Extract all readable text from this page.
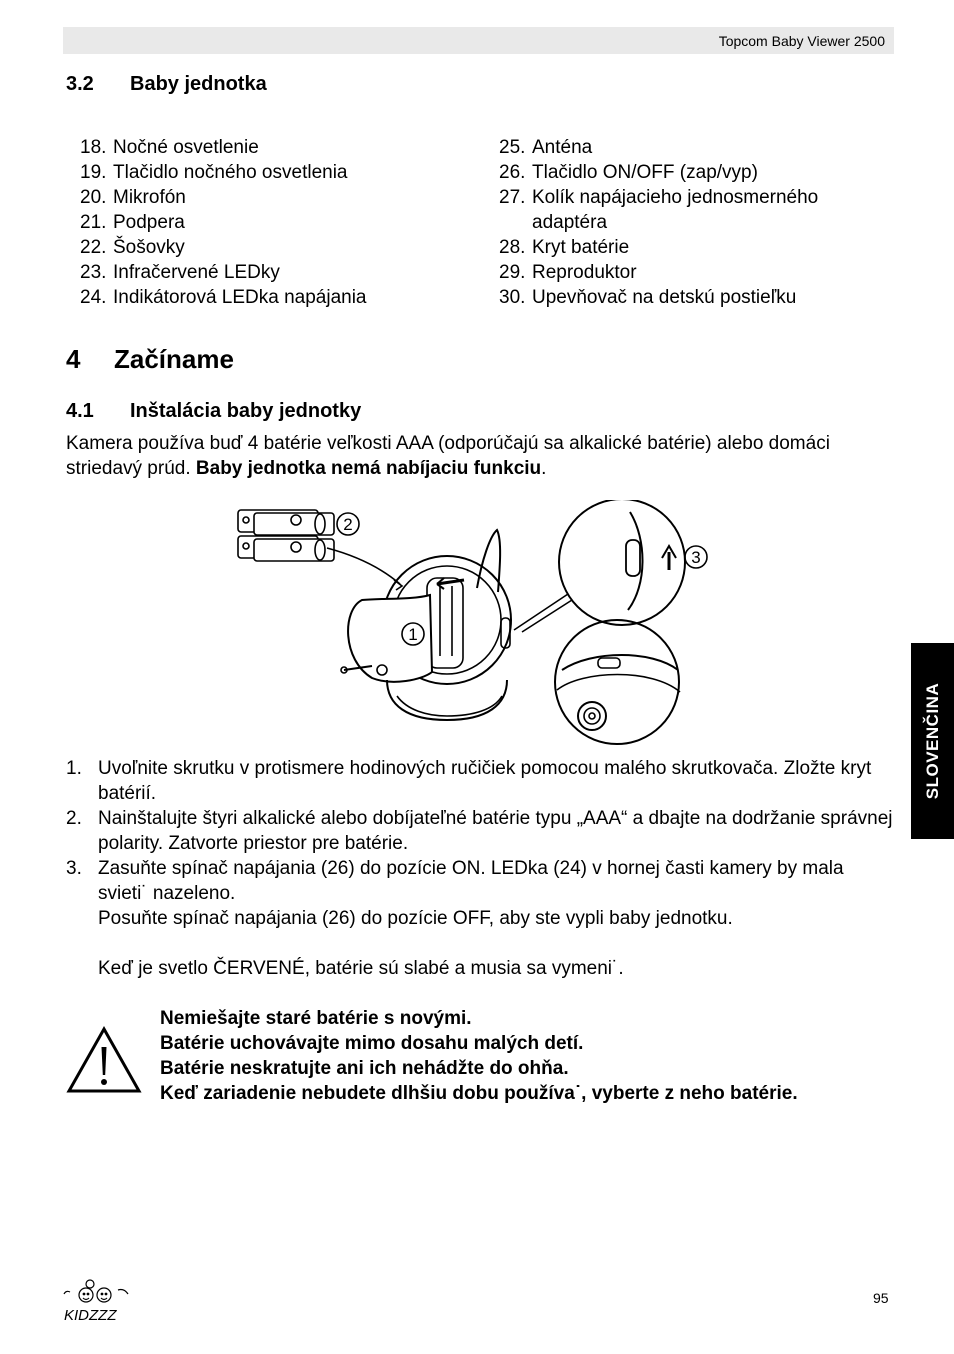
Topcom Baby Viewer 2500
3.2 Baby jednotka
18. Nočné osvetlenie
19. Tlačidlo nočného osvetlenia
20. Mikrofón
21. Podpera
22. Šošovky
23. Infračervené LEDky
24. Indikátorová LEDka napájania
25. Anténa
26. Tlačidlo ON/OFF (zap/vyp)
27. Kolík napájacieho jednosmerného adaptéra
28. Kryt batérie
29. Reproduktor
30. Upevňovač na detskú postieľku
4 Začíname
4.1 Inštalácia baby jednotky

Kamera používa buď 4 batérie veľkosti AAA (odporúčajú sa alkalické batérie) alebo domáci striedavý prúd. Baby jednotka nemá nabíjaciu funkciu.

1
2
3
1. Uvoľnite skrutku v protismere hodinových ručičiek pomocou malého skrutkovača. Zložte kryt batérií.

2. Nainštalujte štyri alkalické alebo dobíjateľné batérie typu „AAA“ a dbajte na dodržanie správnej polarity. Zatvorte priestor pre batérie.

3. Zasuňte spínač napájania (26) do pozície ON. LEDka (24) v hornej časti kamery by mala svieti˙ nazeleno.

Posuňte spínač napájania (26) do pozície OFF, aby ste vypli baby jednotku.

Keď je svetlo ČERVENÉ, batérie sú slabé a musia sa vymeni˙.

Nemiešajte staré batérie s novými.
Batérie uchovávajte mimo dosahu malých detí.
Batérie neskratujte ani ich nehádžte do ohňa.
Keď zariadenie nebudete dlhšiu dobu používa˙, vyberte z neho batérie.
SLOVENČINA
KIDZZZ
95
